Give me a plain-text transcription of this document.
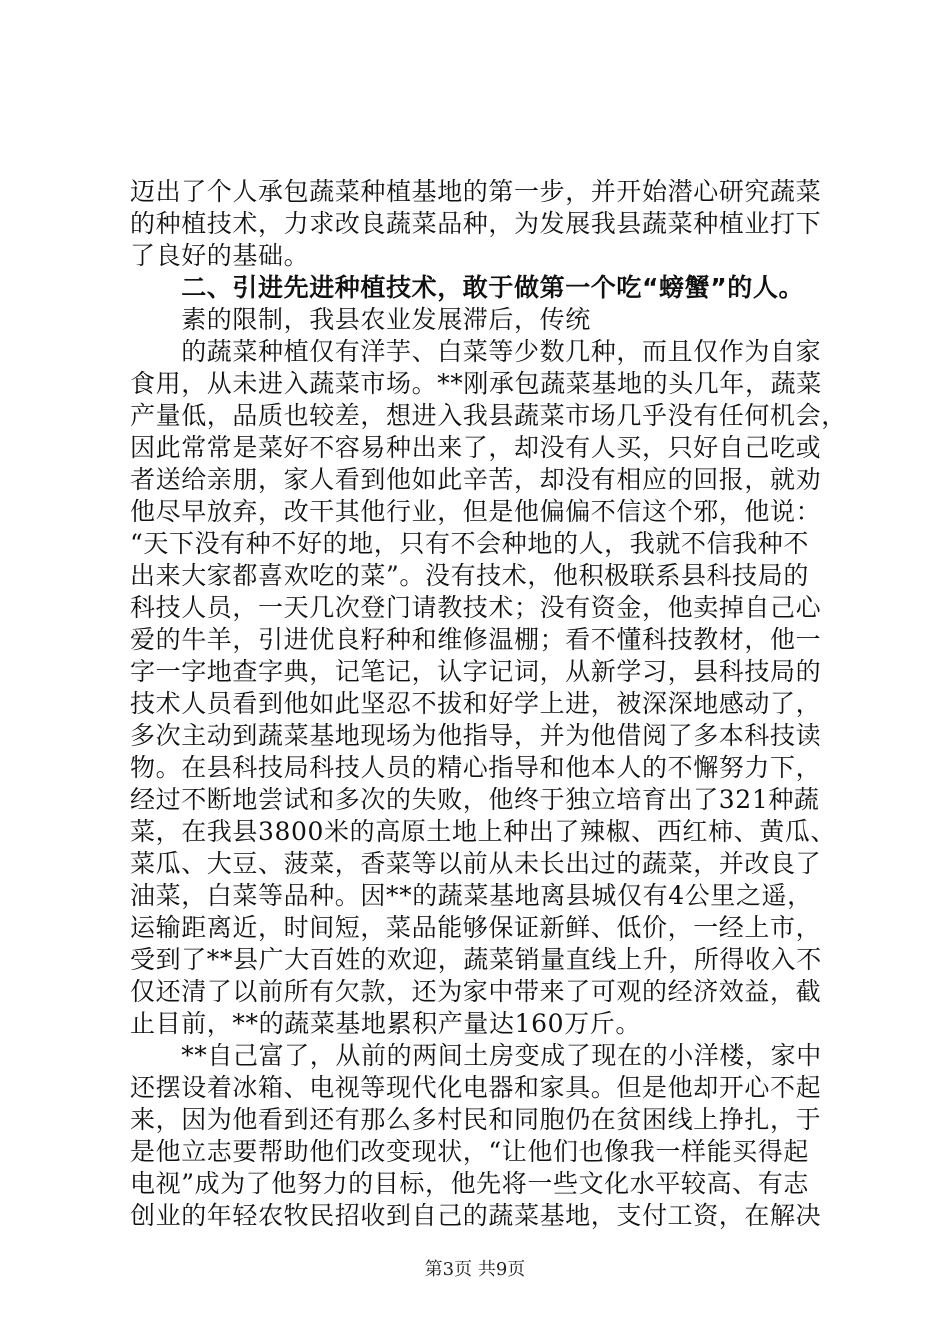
迈出了个人承包蔬菜种植基地的第一步，并开始潜心研究蔬菜
的种植技术，力求改良蔬菜品种，为发展我县蔬菜种植业打下
了良好的基础。
　　二、引进先进种植技术，敢于做第一个吃“螃蟹”的人。
　　素的限制，我县农业发展滞后，传统
　　的蔬菜种植仅有洋芋、白菜等少数几种，而且仅作为自家
食用，从未进入蔬菜市场。**刚承包蔬菜基地的头几年，蔬菜
产量低，品质也较差，想进入我县蔬菜市场几乎没有任何机会，
因此常常是菜好不容易种出来了，却没有人买，只好自己吃或
者送给亲朋，家人看到他如此辛苦，却没有相应的回报，就劝
他尽早放弃，改干其他行业，但是他偏偏不信这个邪，他说：
“天下没有种不好的地，只有不会种地的人，我就不信我种不
出来大家都喜欢吃的菜”。没有技术，他积极联系县科技局的
科技人员，一天几次登门请教技术；没有资金，他卖掉自己心
爱的牛羊，引进优良籽种和维修温棚；看不懂科技教材，他一
字一字地查字典，记笔记，认字记词，从新学习，县科技局的
技术人员看到他如此坚忍不拔和好学上进，被深深地感动了，
多次主动到蔬菜基地现场为他指导，并为他借阅了多本科技读
物。在县科技局科技人员的精心指导和他本人的不懈努力下，
经过不断地尝试和多次的失败，他终于独立培育出了321种蔬
菜，在我县3800米的高原土地上种出了辣椒、西红柿、黄瓜、
菜瓜、大豆、菠菜，香菜等以前从未长出过的蔬菜，并改良了
油菜，白菜等品种。因**的蔬菜基地离县城仅有4公里之遥，
运输距离近，时间短，菜品能够保证新鲜、低价，一经上市，
受到了**县广大百姓的欢迎，蔬菜销量直线上升，所得收入不
仅还清了以前所有欠款，还为家中带来了可观的经济效益，截
止目前，**的蔬菜基地累积产量达160万斤。
　　**自己富了，从前的两间土房变成了现在的小洋楼，家中
还摆设着冰箱、电视等现代化电器和家具。但是他却开心不起
来，因为他看到还有那么多村民和同胞仍在贫困线上挣扎，于
是他立志要帮助他们改变现状，“让他们也像我一样能买得起
电视”成为了他努力的目标，他先将一些文化水平较高、有志
创业的年轻农牧民招收到自己的蔬菜基地，支付工资，在解决
第3页 共9页
